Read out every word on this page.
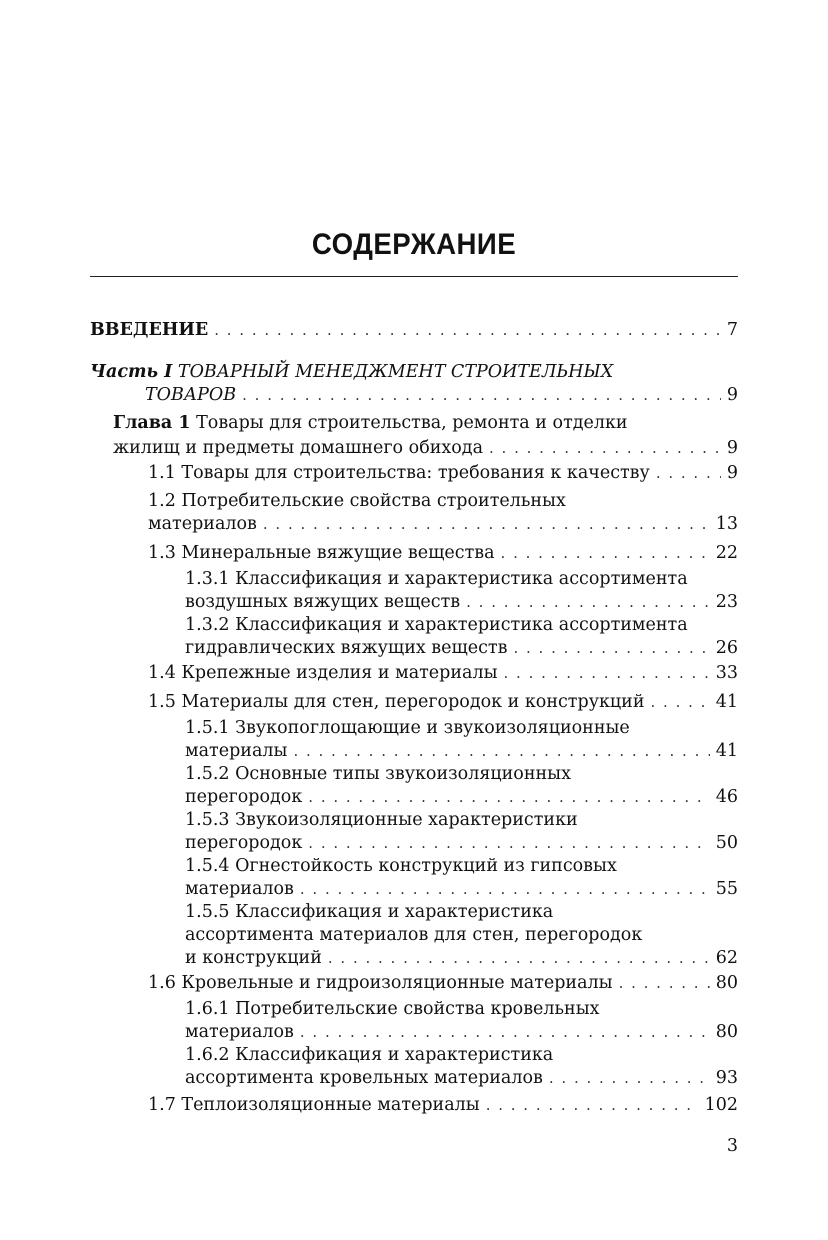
СОДЕРЖАНИЕ
ВВЕДЕНИЕ . . .	7
Часть I ТОВАРНЫЙ МЕНЕДЖМЕНТ СТРОИТЕЛЬНЫХ
ТОВАРОВ . . .	9
Глава 1 Товары для строительства, ремонта и отделки
жилищ и предметы домашнего обихода . . .	9
1.1 Товары для строительства: требования к качеству . . .	9
1.2 Потребительские свойства строительных
материалов . . .	13
1.3 Минеральные вяжущие вещества . . .	22
1.3.1 Классификация и характеристика ассортимента
воздушных вяжущих веществ . . .	23
1.3.2 Классификация и характеристика ассортимента
гидравлических вяжущих веществ . . .	26
1.4 Крепежные изделия и материалы . . .	33
1.5 Материалы для стен, перегородок и конструкций . . .	41
1.5.1 Звукопоглощающие и звукоизоляционные
материалы . . .	41
1.5.2 Основные типы звукоизоляционных
перегородок . . .	46
1.5.3 Звукоизоляционные характеристики
перегородок . . .	50
1.5.4 Огнестойкость конструкций из гипсовых
материалов . . .	55
1.5.5 Классификация и характеристика
ассортимента материалов для стен, перегородок
и конструкций . . .	62
1.6 Кровельные и гидроизоляционные материалы . . .	80
1.6.1 Потребительские свойства кровельных
материалов . . .	80
1.6.2 Классификация и характеристика
ассортимента кровельных материалов . . .	93
1.7 Теплоизоляционные материалы . . .	102
3
